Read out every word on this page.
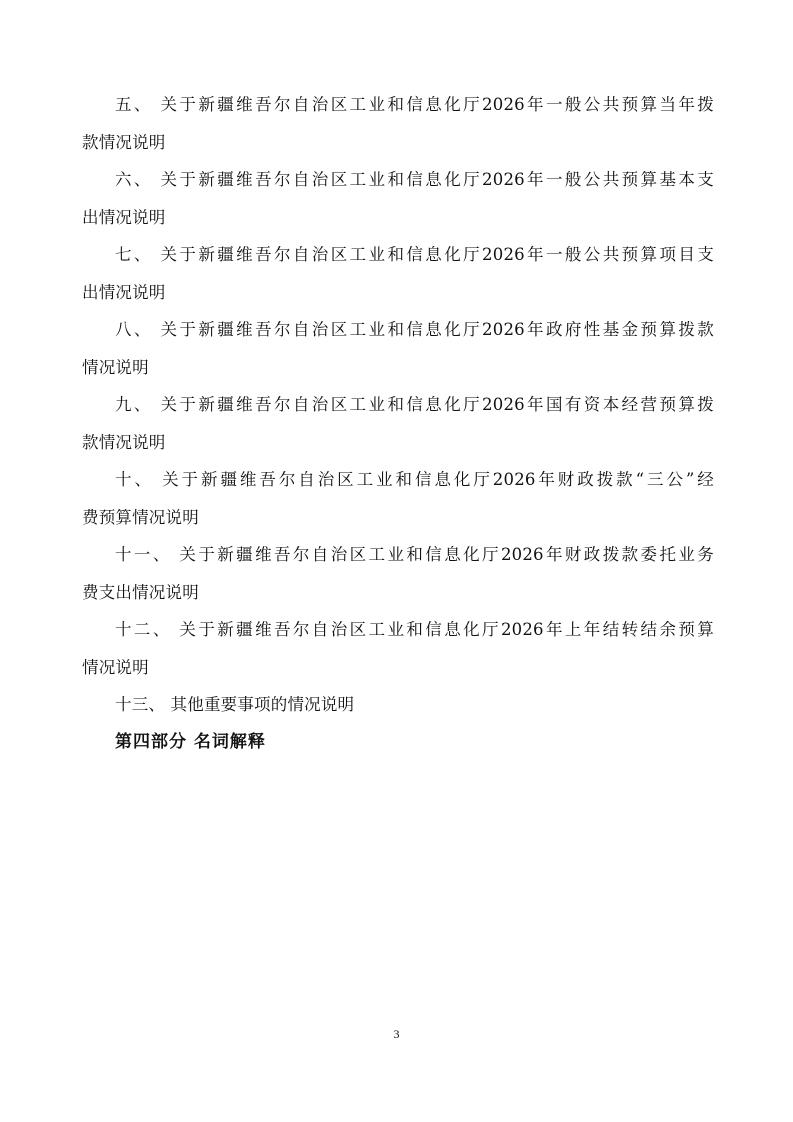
五、 关于新疆维吾尔自治区工业和信息化厅2026年一般公共预算当年拨
款情况说明
六、 关于新疆维吾尔自治区工业和信息化厅2026年一般公共预算基本支
出情况说明
七、 关于新疆维吾尔自治区工业和信息化厅2026年一般公共预算项目支
出情况说明
八、 关于新疆维吾尔自治区工业和信息化厅2026年政府性基金预算拨款
情况说明
九、 关于新疆维吾尔自治区工业和信息化厅2026年国有资本经营预算拨
款情况说明
十、 关于新疆维吾尔自治区工业和信息化厅2026年财政拨款“三公”经
费预算情况说明
十一、 关于新疆维吾尔自治区工业和信息化厅2026年财政拨款委托业务
费支出情况说明
十二、 关于新疆维吾尔自治区工业和信息化厅2026年上年结转结余预算
情况说明
十三、 其他重要事项的情况说明
第四部分 名词解释
3
